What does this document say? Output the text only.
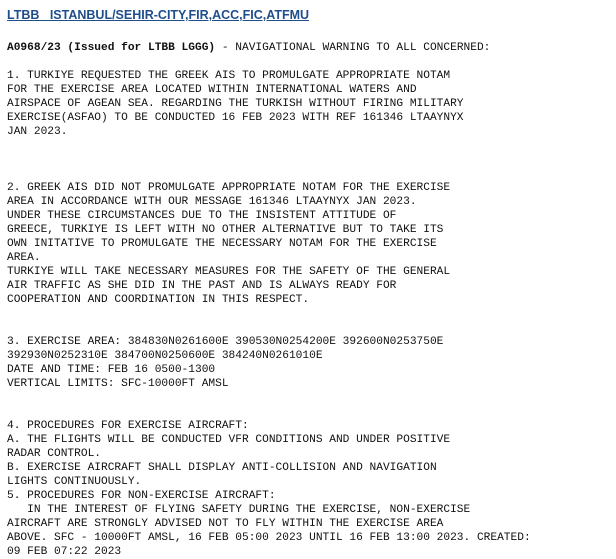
LTBB   ISTANBUL/SEHIR-CITY,FIR,ACC,FIC,ATFMU
A0968/23 (Issued for LTBB LGGG) - NAVIGATIONAL WARNING TO ALL CONCERNED:

1. TURKIYE REQUESTED THE GREEK AIS TO PROMULGATE APPROPRIATE NOTAM
FOR THE EXERCISE AREA LOCATED WITHIN INTERNATIONAL WATERS AND
AIRSPACE OF AGEAN SEA. REGARDING THE TURKISH WITHOUT FIRING MILITARY
EXERCISE(ASFAO) TO BE CONDUCTED 16 FEB 2023 WITH REF 161346 LTAAYNYX
JAN 2023.

2. GREEK AIS DID NOT PROMULGATE APPROPRIATE NOTAM FOR THE EXERCISE
AREA IN ACCORDANCE WITH OUR MESSAGE 161346 LTAAYNYX JAN 2023.
UNDER THESE CIRCUMSTANCES DUE TO THE INSISTENT ATTITUDE OF
GREECE, TURKIYE IS LEFT WITH NO OTHER ALTERNATIVE BUT TO TAKE ITS
OWN INITATIVE TO PROMULGATE THE NECESSARY NOTAM FOR THE EXERCISE
AREA.
TURKIYE WILL TAKE NECESSARY MEASURES FOR THE SAFETY OF THE GENERAL
AIR TRAFFIC AS SHE DID IN THE PAST AND IS ALWAYS READY FOR
COOPERATION AND COORDINATION IN THIS RESPECT.

3. EXERCISE AREA: 384830N0261600E 390530N0254200E 392600N0253750E
392930N0252310E 384700N0250600E 384240N0261010E
DATE AND TIME: FEB 16 0500-1300
VERTICAL LIMITS: SFC-10000FT AMSL

4. PROCEDURES FOR EXERCISE AIRCRAFT:
A. THE FLIGHTS WILL BE CONDUCTED VFR CONDITIONS AND UNDER POSITIVE
RADAR CONTROL.
B. EXERCISE AIRCRAFT SHALL DISPLAY ANTI-COLLISION AND NAVIGATION
LIGHTS CONTINUOUSLY.
5. PROCEDURES FOR NON-EXERCISE AIRCRAFT:
IN THE INTEREST OF FLYING SAFETY DURING THE EXERCISE, NON-EXERCISE
AIRCRAFT ARE STRONGLY ADVISED NOT TO FLY WITHIN THE EXERCISE AREA
ABOVE. SFC - 10000FT AMSL, 16 FEB 05:00 2023 UNTIL 16 FEB 13:00 2023. CREATED:
09 FEB 07:22 2023
